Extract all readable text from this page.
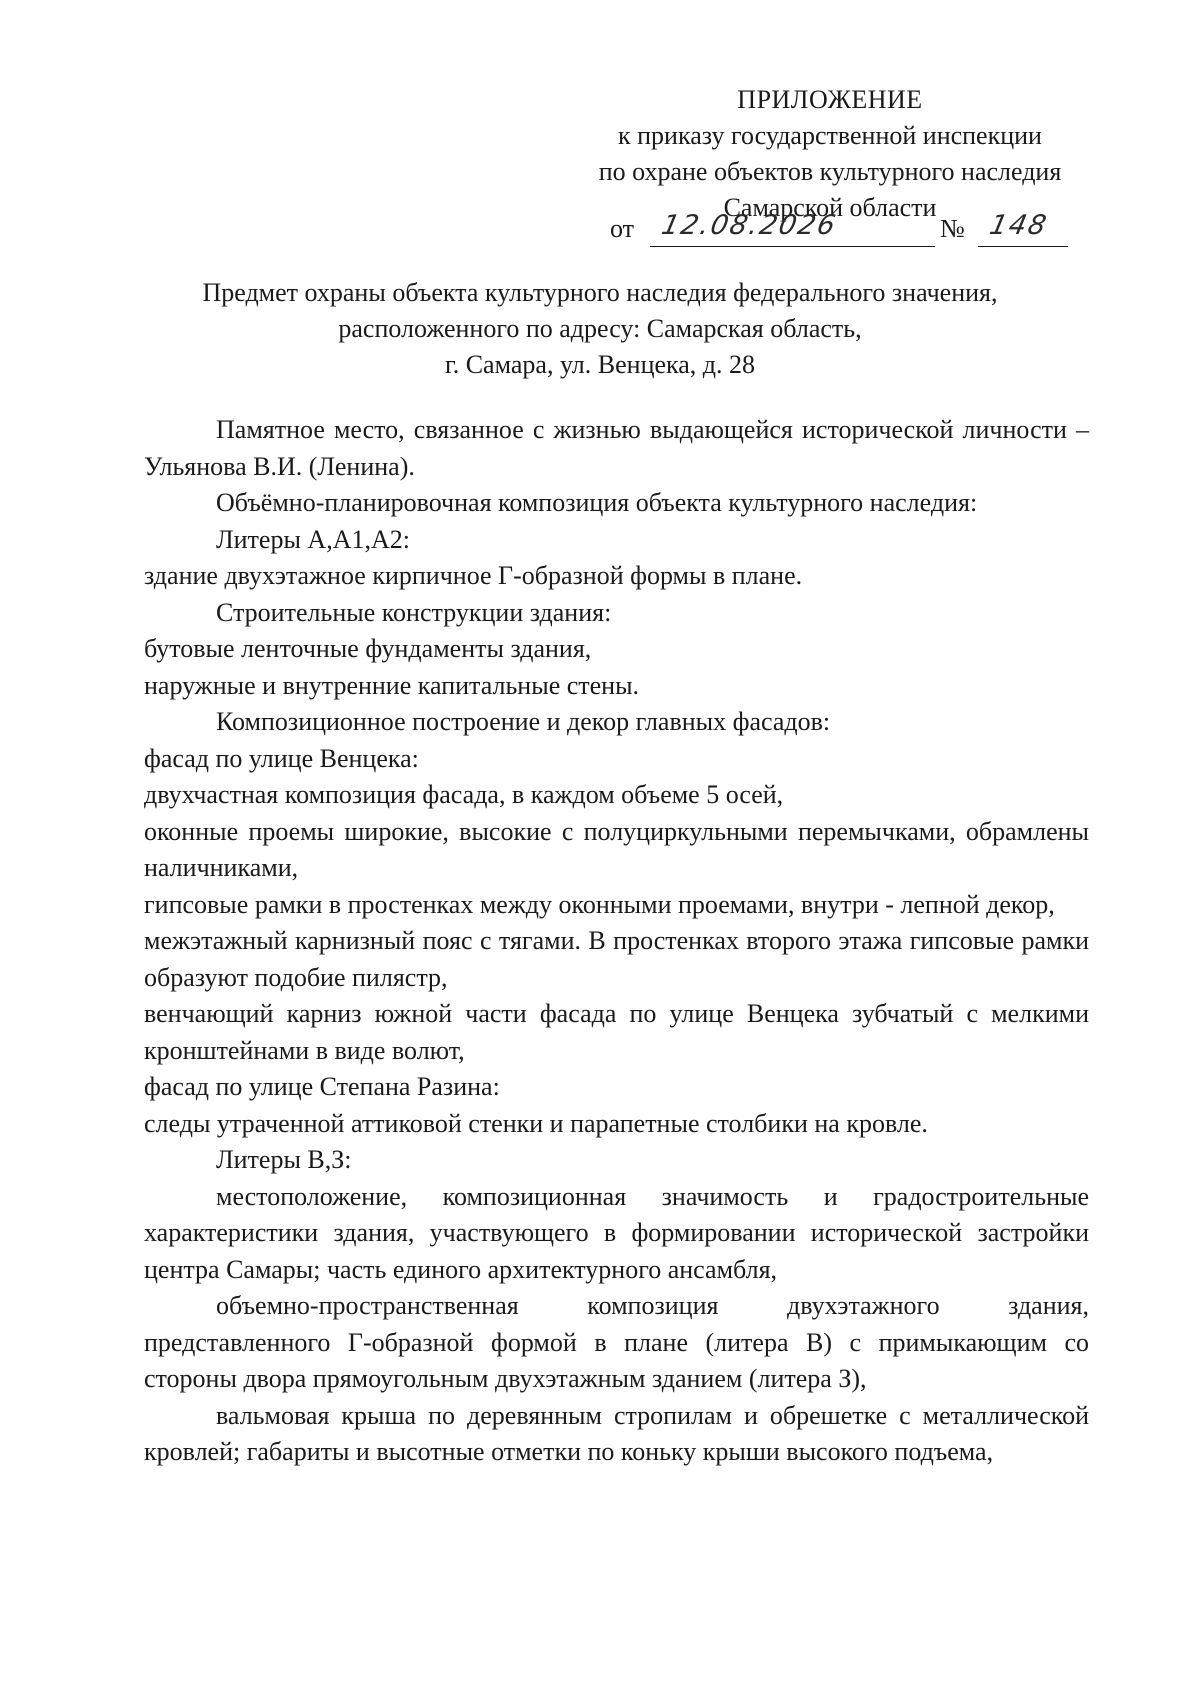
ПРИЛОЖЕНИЕ
к приказу государственной инспекции
по охране объектов культурного наследия
Самарской области
от 12.08.2026	№ 148
Предмет охраны объекта культурного наследия федерального значения,
расположенного по адресу: Самарская область,
г. Самара, ул. Венцека, д. 28

Памятное место, связанное с жизнью выдающейся исторической личности – Ульянова В.И. (Ленина).

Объёмно-планировочная композиция объекта культурного наследия:

Литеры А,А1,А2:

здание двухэтажное кирпичное Г-образной формы в плане.

Строительные конструкции здания:

бутовые ленточные фундаменты здания,

наружные и внутренние капитальные стены.

Композиционное построение и декор главных фасадов:

фасад по улице Венцека:

двухчастная композиция фасада, в каждом объеме 5 осей,

оконные проемы широкие, высокие с полуциркульными перемычками, обрамлены наличниками,

гипсовые рамки в простенках между оконными проемами, внутри - лепной декор,

межэтажный карнизный пояс с тягами. В простенках второго этажа гипсовые рамки образуют подобие пилястр,

венчающий карниз южной части фасада по улице Венцека зубчатый с мелкими кронштейнами в виде волют,

фасад по улице Степана Разина:

следы утраченной аттиковой стенки и парапетные столбики на кровле.

Литеры В,З:

местоположение, композиционная значимость и градостроительные характеристики здания, участвующего в формировании исторической застройки центра Самары; часть единого архитектурного ансамбля,

объемно-пространственная композиция двухэтажного здания, представленного Г-образной формой в плане (литера В) с примыкающим со стороны двора прямоугольным двухэтажным зданием (литера З),

вальмовая крыша по деревянным стропилам и обрешетке с металлической кровлей; габариты и высотные отметки по коньку крыши высокого подъема,
